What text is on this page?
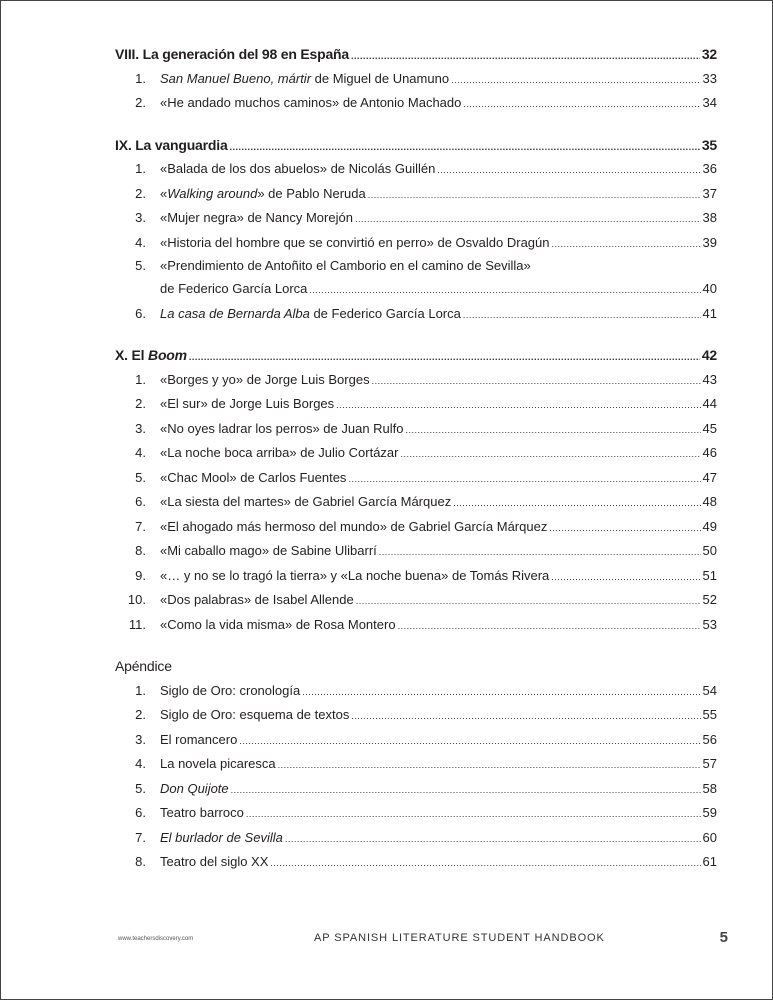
VIII. La generación del 98 en España .....	32
1.	San Manuel Bueno, mártir de Miguel de Unamuno .....	33
2.	«He andado muchos caminos» de Antonio Machado .....	34
IX. La vanguardia .....	35
1.	«Balada de los dos abuelos» de Nicolás Guillén .....	36
2.	«Walking around» de Pablo Neruda .....	37
3.	«Mujer negra» de Nancy Morejón .....	38
4.	«Historia del hombre que se convirtió en perro» de Osvaldo Dragún .....	39
5.	«Prendimiento de Antoñito el Camborio en el camino de Sevilla»
de Federico García Lorca .....	40
6.	La casa de Bernarda Alba de Federico García Lorca .....	41
X. El Boom .....	42
1.	«Borges y yo» de Jorge Luis Borges .....	43
2.	«El sur» de Jorge Luis Borges .....	44
3.	«No oyes ladrar los perros» de Juan Rulfo .....	45
4.	«La noche boca arriba» de Julio Cortázar .....	46
5.	«Chac Mool» de Carlos Fuentes .....	47
6.	«La siesta del martes» de Gabriel García Márquez .....	48
7.	«El ahogado más hermoso del mundo» de Gabriel García Márquez .....	49
8.	«Mi caballo mago» de Sabine Ulibarrí .....	50
9.	«… y no se lo tragó la tierra» y «La noche buena» de Tomás Rivera .....	51
10.	«Dos palabras» de Isabel Allende .....	52
11.	«Como la vida misma» de Rosa Montero .....	53
Apéndice
1.	Siglo de Oro: cronología .....	54
2.	Siglo de Oro: esquema de textos .....	55
3.	El romancero .....	56
4.	La novela picaresca .....	57
5.	Don Quijote .....	58
6.	Teatro barroco .....	59
7.	El burlador de Sevilla .....	60
8.	Teatro del siglo XX .....	61
www.teachersdiscovery.com	AP SPANISH LITERATURE STUDENT HANDBOOK	5
